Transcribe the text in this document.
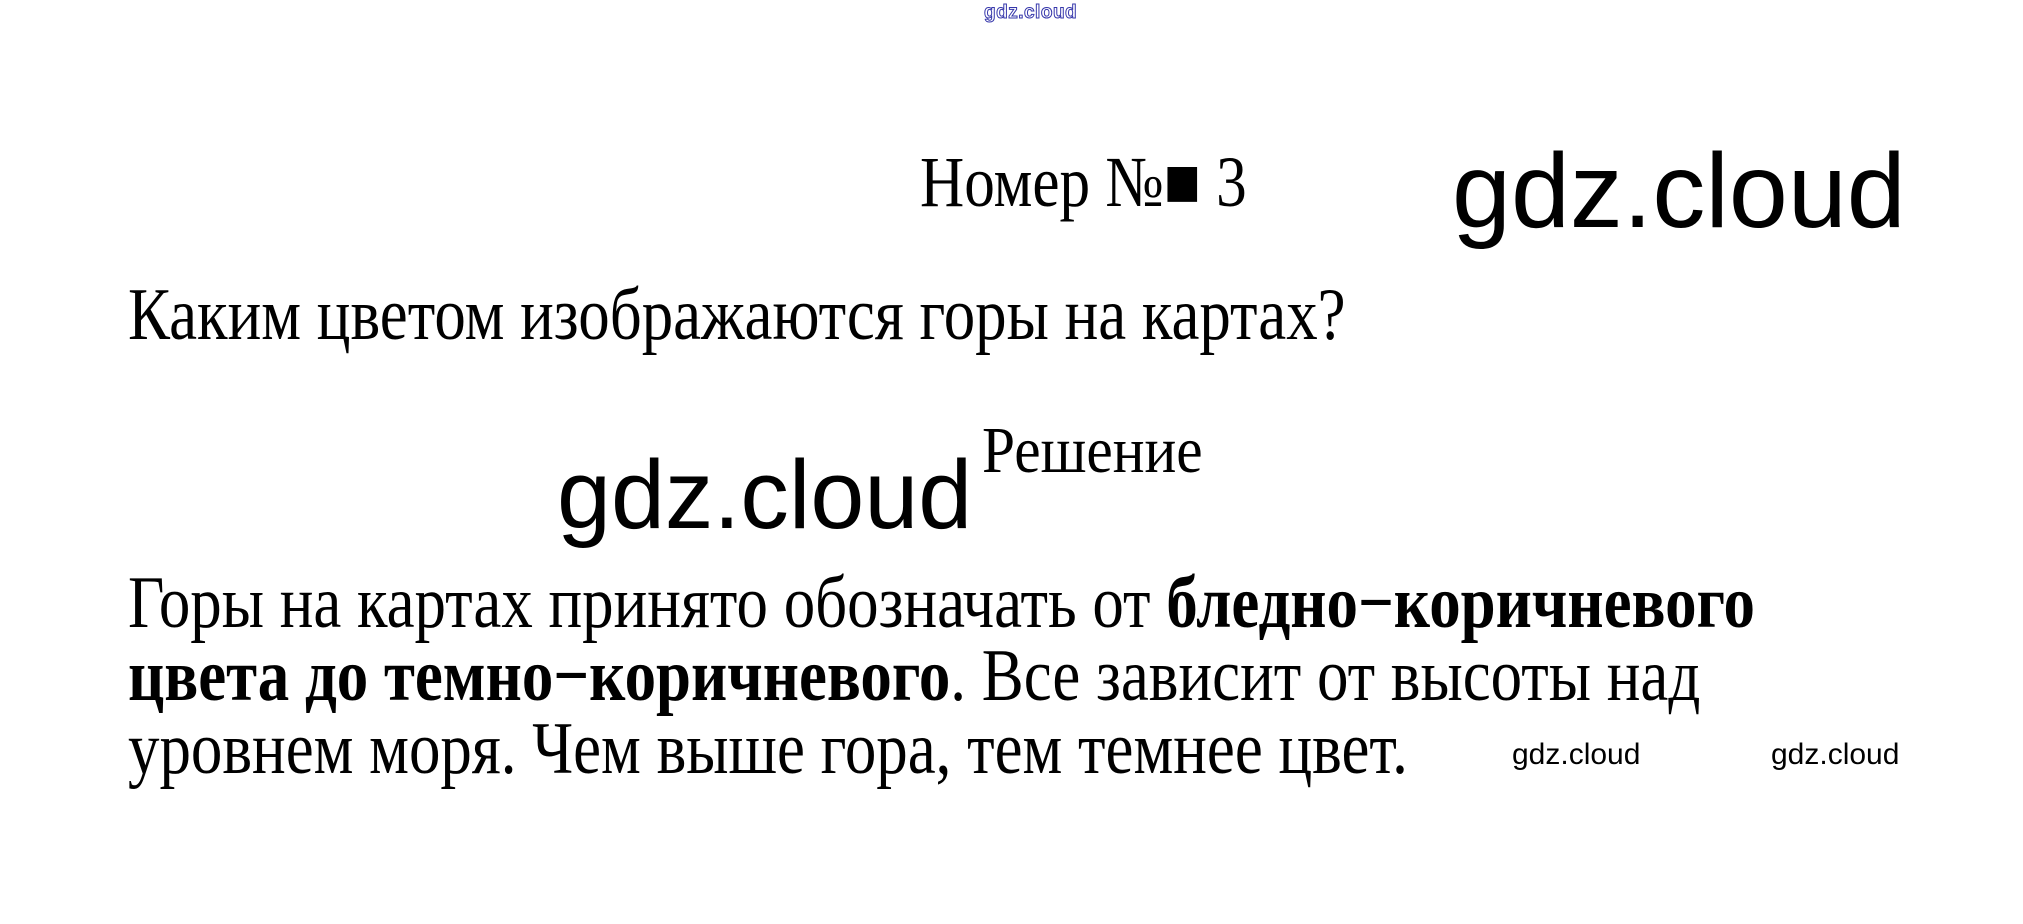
gdz.cloud
Номер №■ 3 gdz.cloud
Каким цветом изображаются горы на картах?
Решение
gdz.cloud
Горы на картах принято обозначать от бледно−коричневого
цвета до темно−коричневого. Все зависит от высоты над
уровнем моря. Чем выше гора, тем темнее цвет.	gdz.cloud	gdz.cloud
